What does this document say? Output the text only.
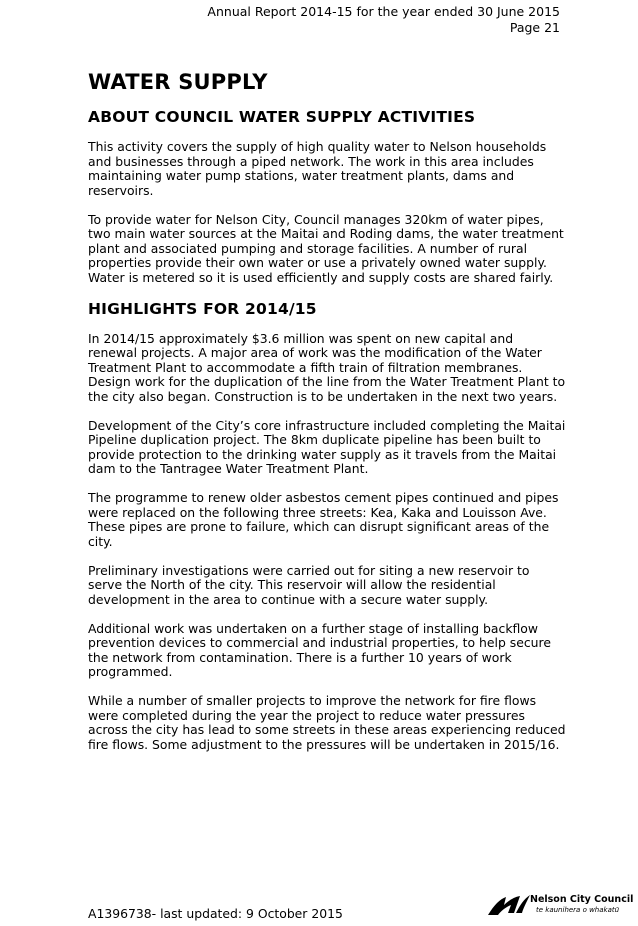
Annual Report 2014-15 for the year ended 30 June 2015
Page 21
WATER SUPPLY
ABOUT COUNCIL WATER SUPPLY ACTIVITIES

This activity covers the supply of high quality water to Nelson households and businesses through a piped network. The work in this area includes maintaining water pump stations, water treatment plants, dams and reservoirs.

To provide water for Nelson City, Council manages 320km of water pipes, two main water sources at the Maitai and Roding dams, the water treatment plant and associated pumping and storage facilities. A number of rural properties provide their own water or use a privately owned water supply. Water is metered so it is used efficiently and supply costs are shared fairly.

HIGHLIGHTS FOR 2014/15

In 2014/15 approximately $3.6 million was spent on new capital and renewal projects. A major area of work was the modification of the Water Treatment Plant to accommodate a fifth train of filtration membranes. Design work for the duplication of the line from the Water Treatment Plant to the city also began. Construction is to be undertaken in the next two years.

Development of the City’s core infrastructure included completing the Maitai Pipeline duplication project. The 8km duplicate pipeline has been built to provide protection to the drinking water supply as it travels from the Maitai dam to the Tantragee Water Treatment Plant.

The programme to renew older asbestos cement pipes continued and pipes were replaced on the following three streets: Kea, Kaka and Louisson Ave. These pipes are prone to failure, which can disrupt significant areas of the city.

Preliminary investigations were carried out for siting a new reservoir to serve the North of the city. This reservoir will allow the residential development in the area to continue with a secure water supply.

Additional work was undertaken on a further stage of installing backflow prevention devices to commercial and industrial properties, to help secure the network from contamination. There is a further 10 years of work programmed.

While a number of smaller projects to improve the network for fire flows were completed during the year the project to reduce water pressures across the city has lead to some streets in these areas experiencing reduced fire flows. Some adjustment to the pressures will be undertaken in 2015/16.

A1396738- last updated: 9 October 2015
Nelson City Council
te kaunihera o whakatū
